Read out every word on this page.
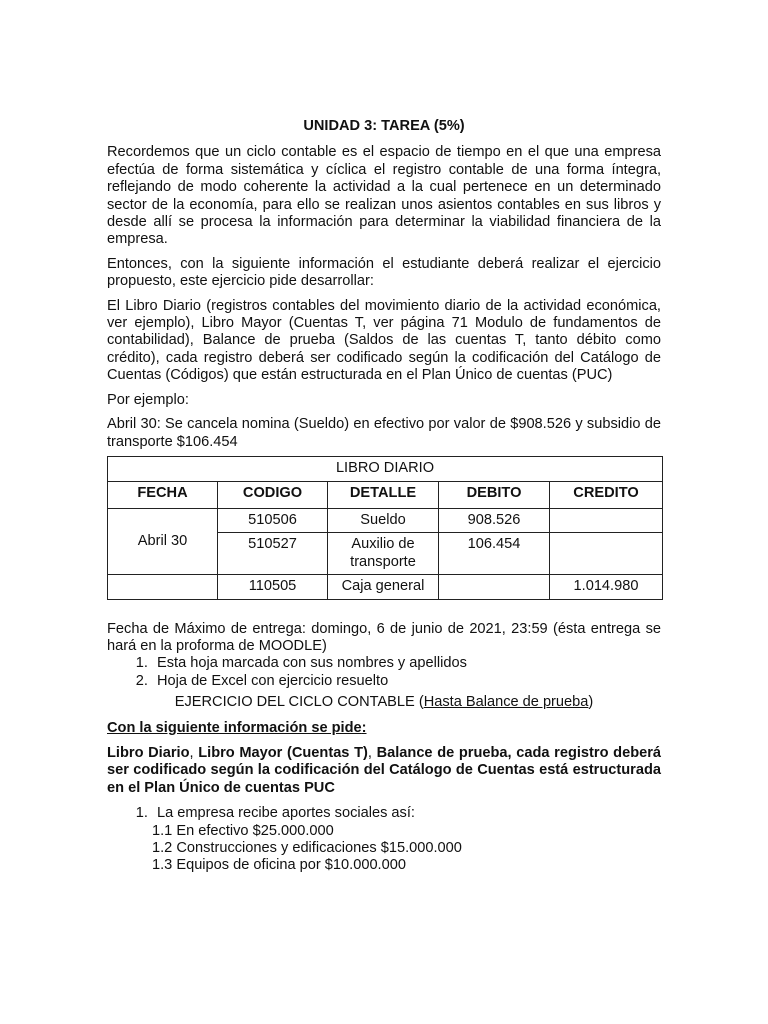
UNIDAD 3: TAREA (5%)

Recordemos que un ciclo contable es el espacio de tiempo en el que una empresa efectúa de forma sistemática y cíclica el registro contable de una forma íntegra, reflejando de modo coherente la actividad a la cual pertenece en un determinado sector de la economía, para ello se realizan unos asientos contables en sus libros y desde allí se procesa la información para determinar la viabilidad financiera de la empresa.

Entonces, con la siguiente información el estudiante deberá realizar el ejercicio propuesto, este ejercicio pide desarrollar:

El Libro Diario (registros contables del movimiento diario de la actividad económica, ver ejemplo), Libro Mayor (Cuentas T, ver página 71 Modulo de fundamentos de contabilidad), Balance de prueba (Saldos de las cuentas T, tanto débito como crédito), cada registro deberá ser codificado según la codificación del Catálogo de Cuentas (Códigos) que están estructurada en el Plan Único de cuentas (PUC)

Por ejemplo:

Abril 30: Se cancela nomina (Sueldo) en efectivo por valor de $908.526 y subsidio de transporte $106.454

LIBRO DIARIO				
FECHA	CODIGO	DETALLE	DEBITO	CREDITO
Abril 30	510506	Sueldo	908.526	
	510527	Auxilio de transporte	106.454	
	110505	Caja general		1.014.980
Fecha de Máximo de entrega: domingo, 6 de junio de 2021, 23:59 (ésta entrega se hará en la proforma de MOODLE)
1. Esta hoja marcada con sus nombres y apellidos
2. Hoja de Excel con ejercicio resuelto
EJERCICIO DEL CICLO CONTABLE (Hasta Balance de prueba)
Con la siguiente información se pide:
Libro Diario, Libro Mayor (Cuentas T), Balance de prueba, cada registro deberá ser codificado según la codificación del Catálogo de Cuentas está estructurada en el Plan Único de cuentas PUC
1. La empresa recibe aportes sociales así:
1.1 En efectivo $25.000.000
1.2 Construcciones y edificaciones $15.000.000
1.3 Equipos de oficina por $10.000.000
